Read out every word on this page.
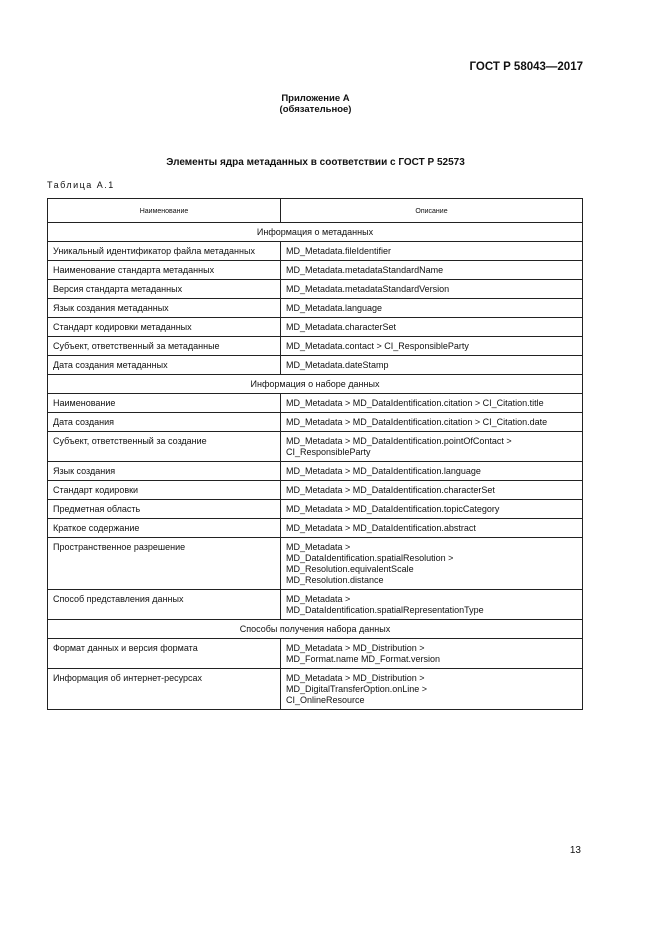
ГОСТ Р 58043—2017
Приложение А
(обязательное)
Элементы ядра метаданных в соответствии с ГОСТ Р 52573
Таблица А.1
Наименование	Описание
Информация о метаданных	
Уникальный идентификатор файла метаданных	MD_Metadata.fileIdentifier
Наименование стандарта метаданных	MD_Metadata.metadataStandardName
Версия стандарта метаданных	MD_Metadata.metadataStandardVersion
Язык создания метаданных	MD_Metadata.language
Стандарт кодировки метаданных	MD_Metadata.characterSet
Субъект, ответственный за метаданные	MD_Metadata.contact > CI_ResponsibleParty
Дата создания метаданных	MD_Metadata.dateStamp
Информация о наборе данных	
Наименование	MD_Metadata > MD_DataIdentification.citation > CI_Citation.title
Дата создания	MD_Metadata > MD_DataIdentification.citation > CI_Citation.date
Субъект, ответственный за создание	MD_Metadata > MD_DataIdentification.pointOfContact >
CI_ResponsibleParty
Язык создания	MD_Metadata > MD_DataIdentification.language
Стандарт кодировки	MD_Metadata > MD_DataIdentification.characterSet
Предметная область	MD_Metadata > MD_DataIdentification.topicCategory
Краткое содержание	MD_Metadata > MD_DataIdentification.abstract
Пространственное разрешение	MD_Metadata >
MD_DataIdentification.spatialResolution >
MD_Resolution.equivalentScale
MD_Resolution.distance
Способ представления данных	MD_Metadata >
MD_DataIdentification.spatialRepresentationType
Способы получения набора данных	
Формат данных и версия формата	MD_Metadata > MD_Distribution >
MD_Format.name MD_Format.version
Информация об интернет-ресурсах	MD_Metadata > MD_Distribution >
MD_DigitalTransferOption.onLine >
CI_OnlineResource
13
